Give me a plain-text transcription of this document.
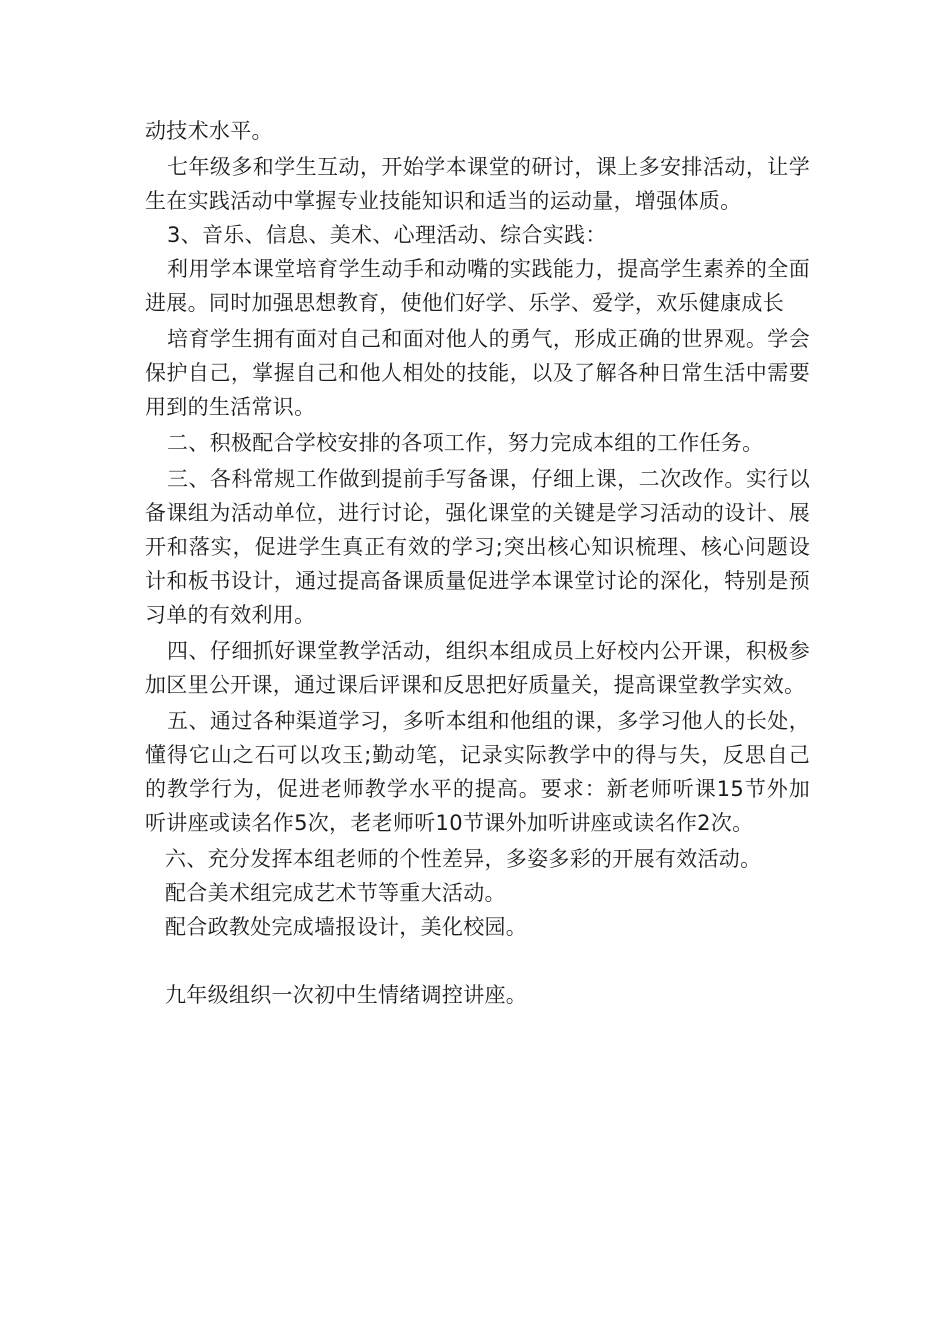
动技术水平。

七年级多和学生互动，开始学本课堂的研讨，课上多安排活动，让学生在实践活动中掌握专业技能知识和适当的运动量，增强体质。

3、音乐、信息、美术、心理活动、综合实践：

利用学本课堂培育学生动手和动嘴的实践能力，提高学生素养的全面进展。同时加强思想教育，使他们好学、乐学、爱学，欢乐健康成长

培育学生拥有面对自己和面对他人的勇气，形成正确的世界观。学会保护自己，掌握自己和他人相处的技能，以及了解各种日常生活中需要用到的生活常识。

二、积极配合学校安排的各项工作，努力完成本组的工作任务。

三、各科常规工作做到提前手写备课，仔细上课，二次改作。实行以备课组为活动单位，进行讨论，强化课堂的关键是学习活动的设计、展开和落实，促进学生真正有效的学习;突出核心知识梳理、核心问题设计和板书设计，通过提高备课质量促进学本课堂讨论的深化，特别是预习单的有效利用。

四、仔细抓好课堂教学活动，组织本组成员上好校内公开课，积极参加区里公开课，通过课后评课和反思把好质量关，提高课堂教学实效。

五、通过各种渠道学习，多听本组和他组的课，多学习他人的长处，懂得它山之石可以攻玉;勤动笔，记录实际教学中的得与失，反思自己的教学行为，促进老师教学水平的提高。要求：新老师听课15节外加听讲座或读名作5次，老老师听10节课外加听讲座或读名作2次。

六、充分发挥本组老师的个性差异，多姿多彩的开展有效活动。

配合美术组完成艺术节等重大活动。

配合政教处完成墙报设计，美化校园。

九年级组织一次初中生情绪调控讲座。
